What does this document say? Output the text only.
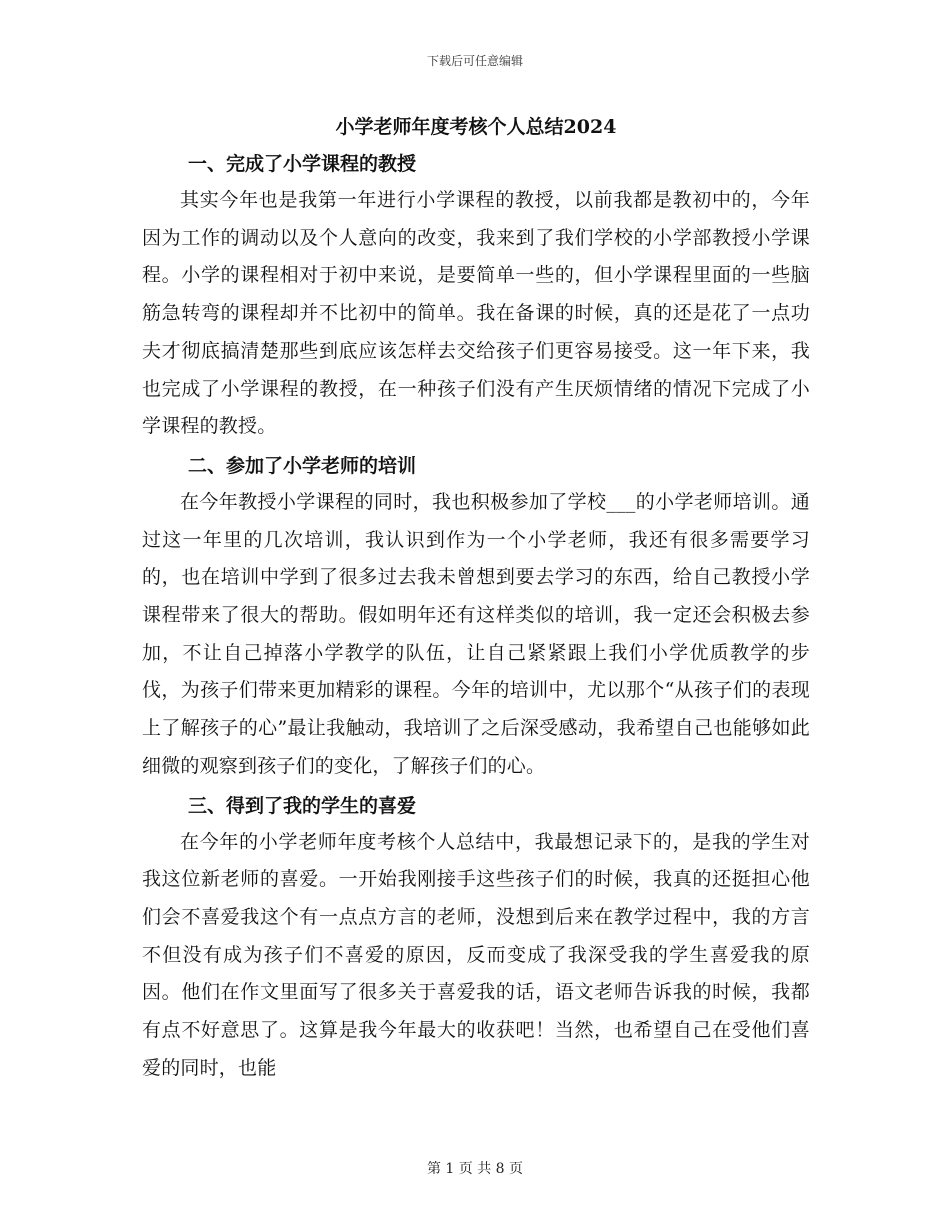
下载后可任意编辑
小学老师年度考核个人总结2024
一、完成了小学课程的教授

其实今年也是我第一年进行小学课程的教授，以前我都是教初中的，今年因为工作的调动以及个人意向的改变，我来到了我们学校的小学部教授小学课程。小学的课程相对于初中来说，是要简单一些的，但小学课程里面的一些脑筋急转弯的课程却并不比初中的简单。我在备课的时候，真的还是花了一点功夫才彻底搞清楚那些到底应该怎样去交给孩子们更容易接受。这一年下来，我也完成了小学课程的教授，在一种孩子们没有产生厌烦情绪的情况下完成了小学课程的教授。

二、参加了小学老师的培训

在今年教授小学课程的同时，我也积极参加了学校___的小学老师培训。通过这一年里的几次培训，我认识到作为一个小学老师，我还有很多需要学习的，也在培训中学到了很多过去我未曾想到要去学习的东西，给自己教授小学课程带来了很大的帮助。假如明年还有这样类似的培训，我一定还会积极去参加，不让自己掉落小学教学的队伍，让自己紧紧跟上我们小学优质教学的步伐，为孩子们带来更加精彩的课程。今年的培训中，尤以那个“从孩子们的表现上了解孩子的心”最让我触动，我培训了之后深受感动，我希望自己也能够如此细微的观察到孩子们的变化，了解孩子们的心。

三、得到了我的学生的喜爱

在今年的小学老师年度考核个人总结中，我最想记录下的，是我的学生对我这位新老师的喜爱。一开始我刚接手这些孩子们的时候，我真的还挺担心他们会不喜爱我这个有一点点方言的老师，没想到后来在教学过程中，我的方言不但没有成为孩子们不喜爱的原因，反而变成了我深受我的学生喜爱我的原因。他们在作文里面写了很多关于喜爱我的话，语文老师告诉我的时候，我都有点不好意思了。这算是我今年最大的收获吧！当然，也希望自己在受他们喜爱的同时，也能

第 1 页 共 8 页
